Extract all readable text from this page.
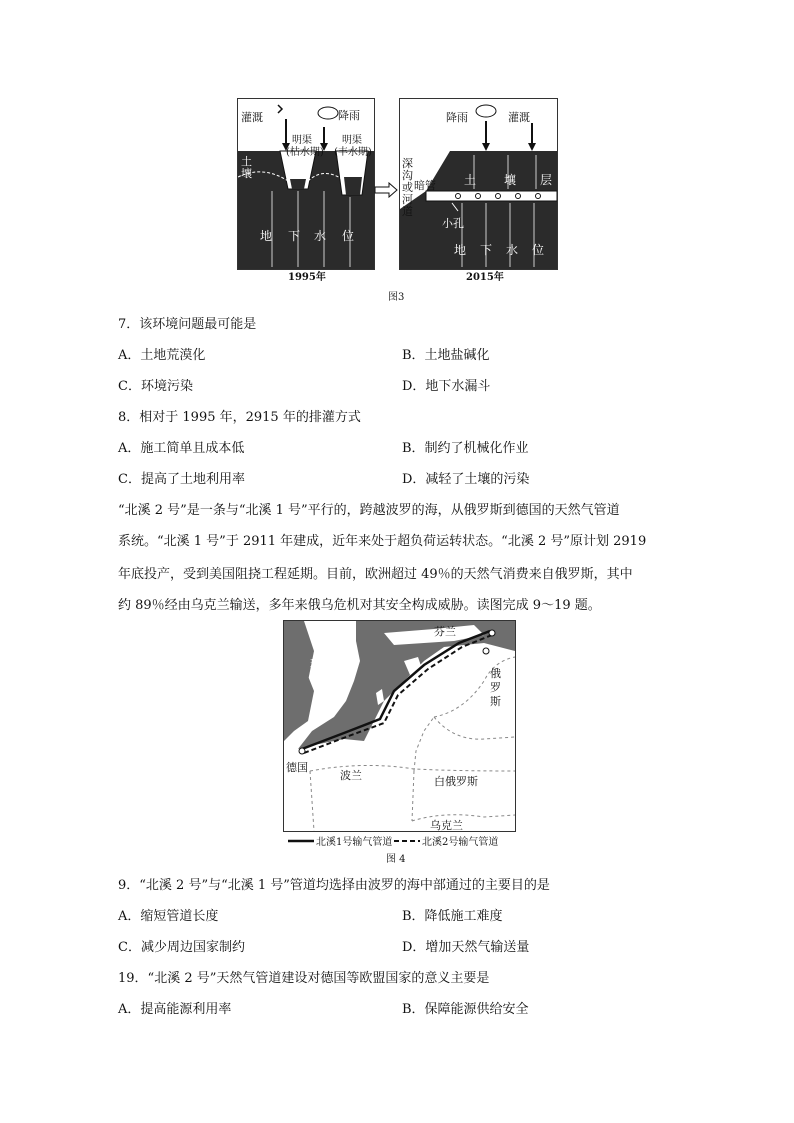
灌溉	降雨
明渠
(枯水期)
明渠
(丰水期)
土
壤
地 下 水 位
1995年
降雨	灌溉
深
沟
或
河
道
暗管 土 壤 层
小孔
地 下 水 位
2015年
图3
7．该环境问题最可能是
A．土地荒漠化	B．土地盐碱化
C．环境污染	D．地下水漏斗
8．相对于 1995 年，2915 年的排灌方式
A．施工简单且成本低	B．制约了机械化作业
C．提高了土地利用率	D．减轻了土壤的污染
“北溪 2 号”是一条与“北溪 1 号”平行的，跨越波罗的海，从俄罗斯到德国的天然气管道
系统。“北溪 1 号”于 2911 年建成，近年来处于超负荷运转状态。“北溪 2 号”原计划 2919
年底投产，受到美国阻挠工程延期。目前，欧洲超过 49％的天然气消费来自俄罗斯，其中
约 89％经由乌克兰输送，多年来俄乌危机对其安全构成威胁。读图完成 9～19 题。
芬兰
瑞典
俄
罗
斯
德国
波兰	白俄罗斯
乌克兰
北溪1号输气管道	北溪2号输气管道
图 4
9．“北溪 2 号”与“北溪 1 号”管道均选择由波罗的海中部通过的主要目的是
A．缩短管道长度	B．降低施工难度
C．减少周边国家制约	D．增加天然气输送量
19．“北溪 2 号”天然气管道建设对德国等欧盟国家的意义主要是
A．提高能源利用率	B．保障能源供给安全
